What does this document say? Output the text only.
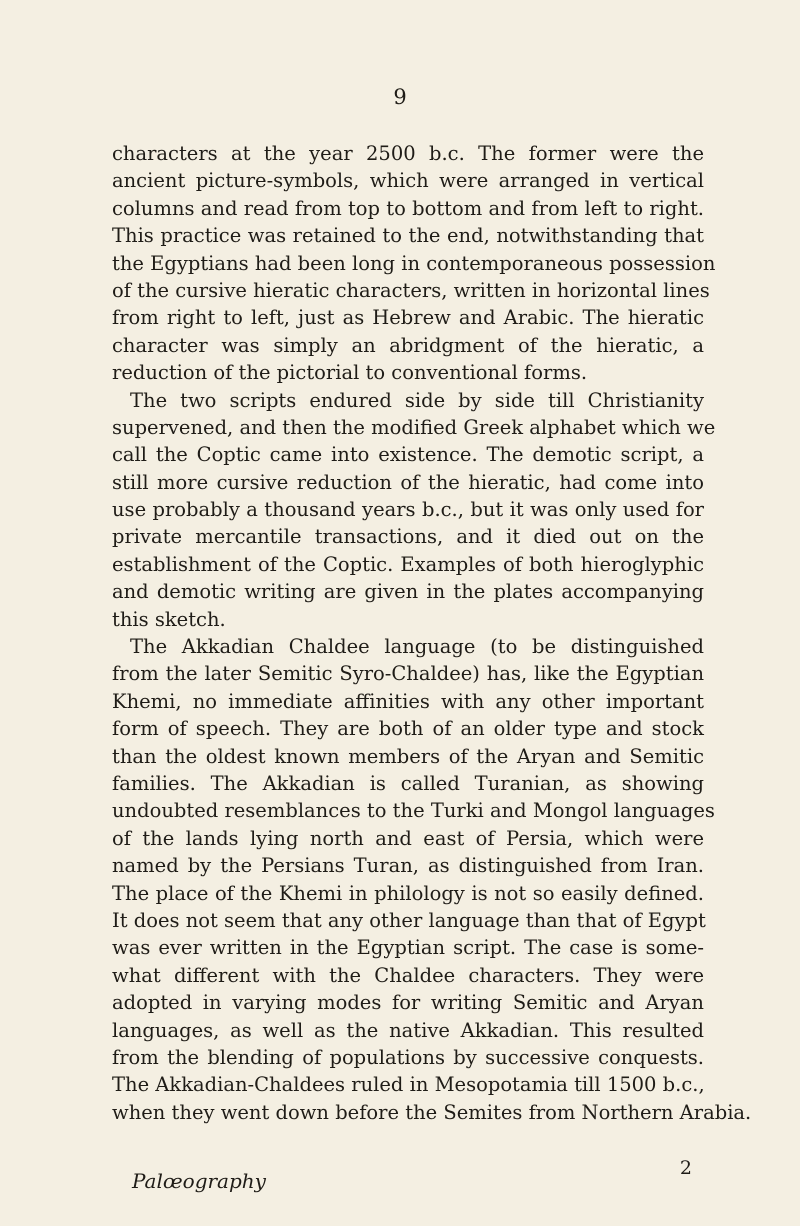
9
characters at the year 2500 b.c. The former were the
ancient picture-symbols, which were arranged in vertical
columns and read from top to bottom and from left to right.
This practice was retained to the end, notwithstanding that
the Egyptians had been long in contemporaneous possession
of the cursive hieratic characters, written in horizontal lines
from right to left, just as Hebrew and Arabic. The hieratic
character was simply an abridgment of the hieratic, a
reduction of the pictorial to conventional forms.
The two scripts endured side by side till Christianity
supervened, and then the modified Greek alphabet which we
call the Coptic came into existence. The demotic script, a
still more cursive reduction of the hieratic, had come into
use probably a thousand years b.c., but it was only used for
private mercantile transactions, and it died out on the
establishment of the Coptic. Examples of both hieroglyphic
and demotic writing are given in the plates accompanying
this sketch.
The Akkadian Chaldee language (to be distinguished
from the later Semitic Syro-Chaldee) has, like the Egyptian
Khemi, no immediate affinities with any other important
form of speech. They are both of an older type and stock
than the oldest known members of the Aryan and Semitic
families. The Akkadian is called Turanian, as showing
undoubted resemblances to the Turki and Mongol languages
of the lands lying north and east of Persia, which were
named by the Persians Turan, as distinguished from Iran.
The place of the Khemi in philology is not so easily defined.
It does not seem that any other language than that of Egypt
was ever written in the Egyptian script. The case is some-
what different with the Chaldee characters. They were
adopted in varying modes for writing Semitic and Aryan
languages, as well as the native Akkadian. This resulted
from the blending of populations by successive conquests.
The Akkadian-Chaldees ruled in Mesopotamia till 1500 b.c.,
when they went down before the Semites from Northern Arabia.
Palœography
2
